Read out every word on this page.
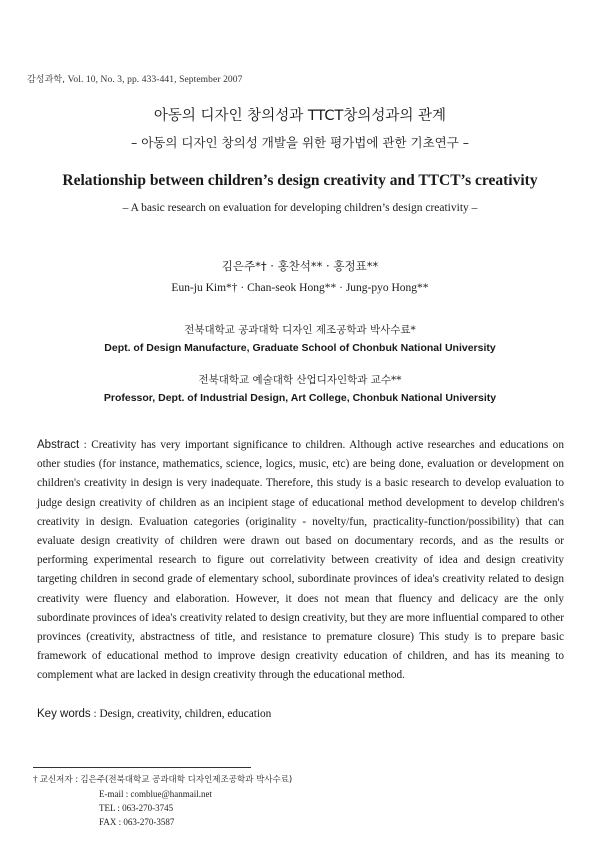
감성과학, Vol. 10, No. 3, pp. 433-441, September 2007
아동의 디자인 창의성과 TTCT창의성과의 관계
– 아동의 디자인 창의성 개발을 위한 평가법에 관한 기초연구 –
Relationship between children’s design creativity and TTCT’s creativity
– A basic research on evaluation for developing children’s design creativity –
김은주*† · 홍찬석** · 홍정표**
Eun-ju Kim*† · Chan-seok Hong** · Jung-pyo Hong**
전북대학교 공과대학 디자인 제조공학과 박사수료*
Dept. of Design Manufacture, Graduate School of Chonbuk National University
전북대학교 예술대학 산업디자인학과 교수**
Professor, Dept. of Industrial Design, Art College, Chonbuk National University
Abstract : Creativity has very important significance to children. Although active researches and educations on other studies (for instance, mathematics, science, logics, music, etc) are being done, evaluation or development on children's creativity in design is very inadequate. Therefore, this study is a basic research to develop evaluation to judge design creativity of children as an incipient stage of educational method development to develop children's creativity in design. Evaluation categories (originality - novelty/fun, practicality-function/possibility) that can evaluate design creativity of children were drawn out based on documentary records, and as the results or performing experimental research to figure out correlativity between creativity of idea and design creativity targeting children in second grade of elementary school, subordinate provinces of idea's creativity related to design creativity were fluency and elaboration. However, it does not mean that fluency and delicacy are the only subordinate provinces of idea's creativity related to design creativity, but they are more influential compared to other provinces (creativity, abstractness of title, and resistance to premature closure) This study is to prepare basic framework of educational method to improve design creativity education of children, and has its meaning to complement what are lacked in design creativity through the educational method.
Key words : Design, creativity, children, education
† 교신저자 : 김은주(전북대학교 공과대학 디자인제조공학과 박사수료)
E-mail : comblue@hanmail.net
TEL : 063-270-3745
FAX : 063-270-3587
